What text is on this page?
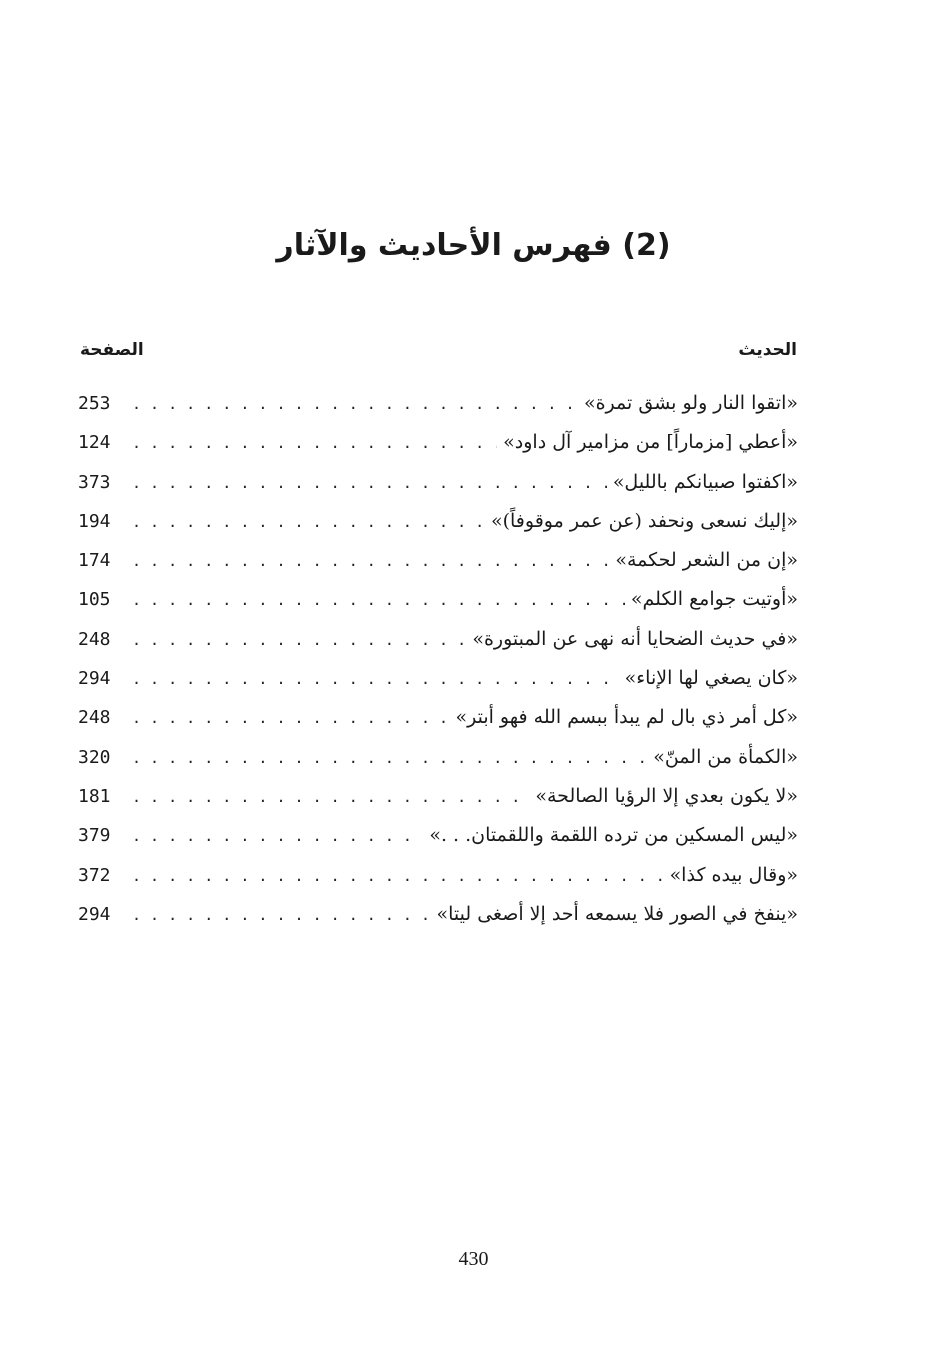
(2) فهرس الأحاديث والآثار
الحديث
الصفحة
«اتقوا النار ولو بشق تمرة»
. . .
253
«أعطي [مزماراً] من مزامير آل داود»
. . .
124
«اكفتوا صبيانكم بالليل»
. . .
373
«إليك نسعى ونحفد (عن عمر موقوفاً)»
. . .
194
«إن من الشعر لحكمة»
. . .
174
«أوتيت جوامع الكلم»
. . .
105
«في حديث الضحايا أنه نهى عن المبتورة»
. . .
248
«كان يصغي لها الإناء»
. . .
294
«كل أمر ذي بال لم يبدأ ببسم الله فهو أبتر»
. . .
248
«الكمأة من المنّ»
. . .
320
«لا يكون بعدي إلا الرؤيا الصالحة»
. . .
181
«ليس المسكين من ترده اللقمة واللقمتان. . .»
. . .
379
«وقال بيده كذا»
. . .
372
«ينفخ في الصور فلا يسمعه أحد إلا أصغى ليتا»
. . .
294
430
